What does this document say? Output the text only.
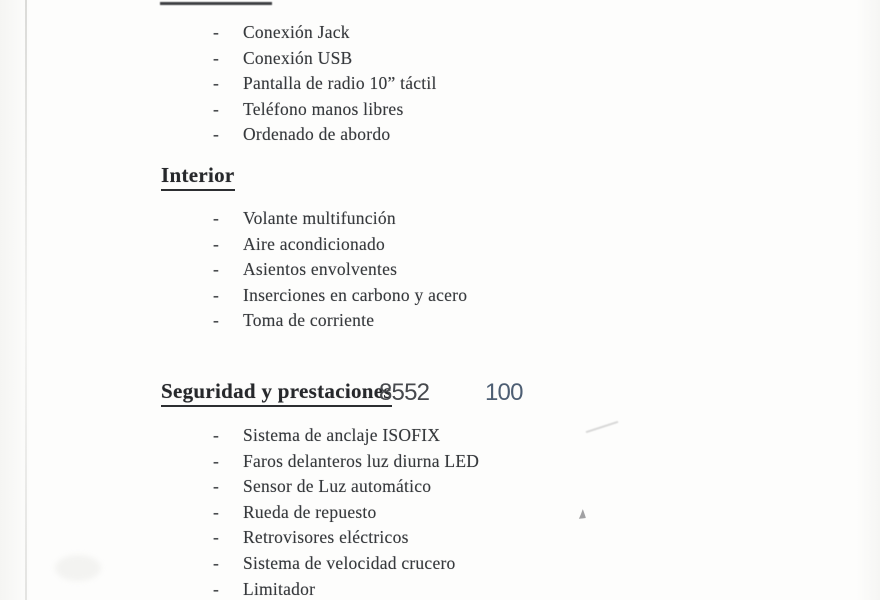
-	Conexión Jack
-	Conexión USB
-	Pantalla de radio 10” táctil
-	Teléfono manos libres
-	Ordenado de abordo
Interior
-	Volante multifunción
-	Aire acondicionado
-	Asientos envolventes
-	Inserciones en carbono y acero
-	Toma de corriente
Seguridad y prestaciones
-	Sistema de anclaje ISOFIX
-	Faros delanteros luz diurna LED
-	Sensor de Luz automático
-	Rueda de repuesto
-	Retrovisores eléctricos
-	Sistema de velocidad crucero
-	Limitador
8552 100
